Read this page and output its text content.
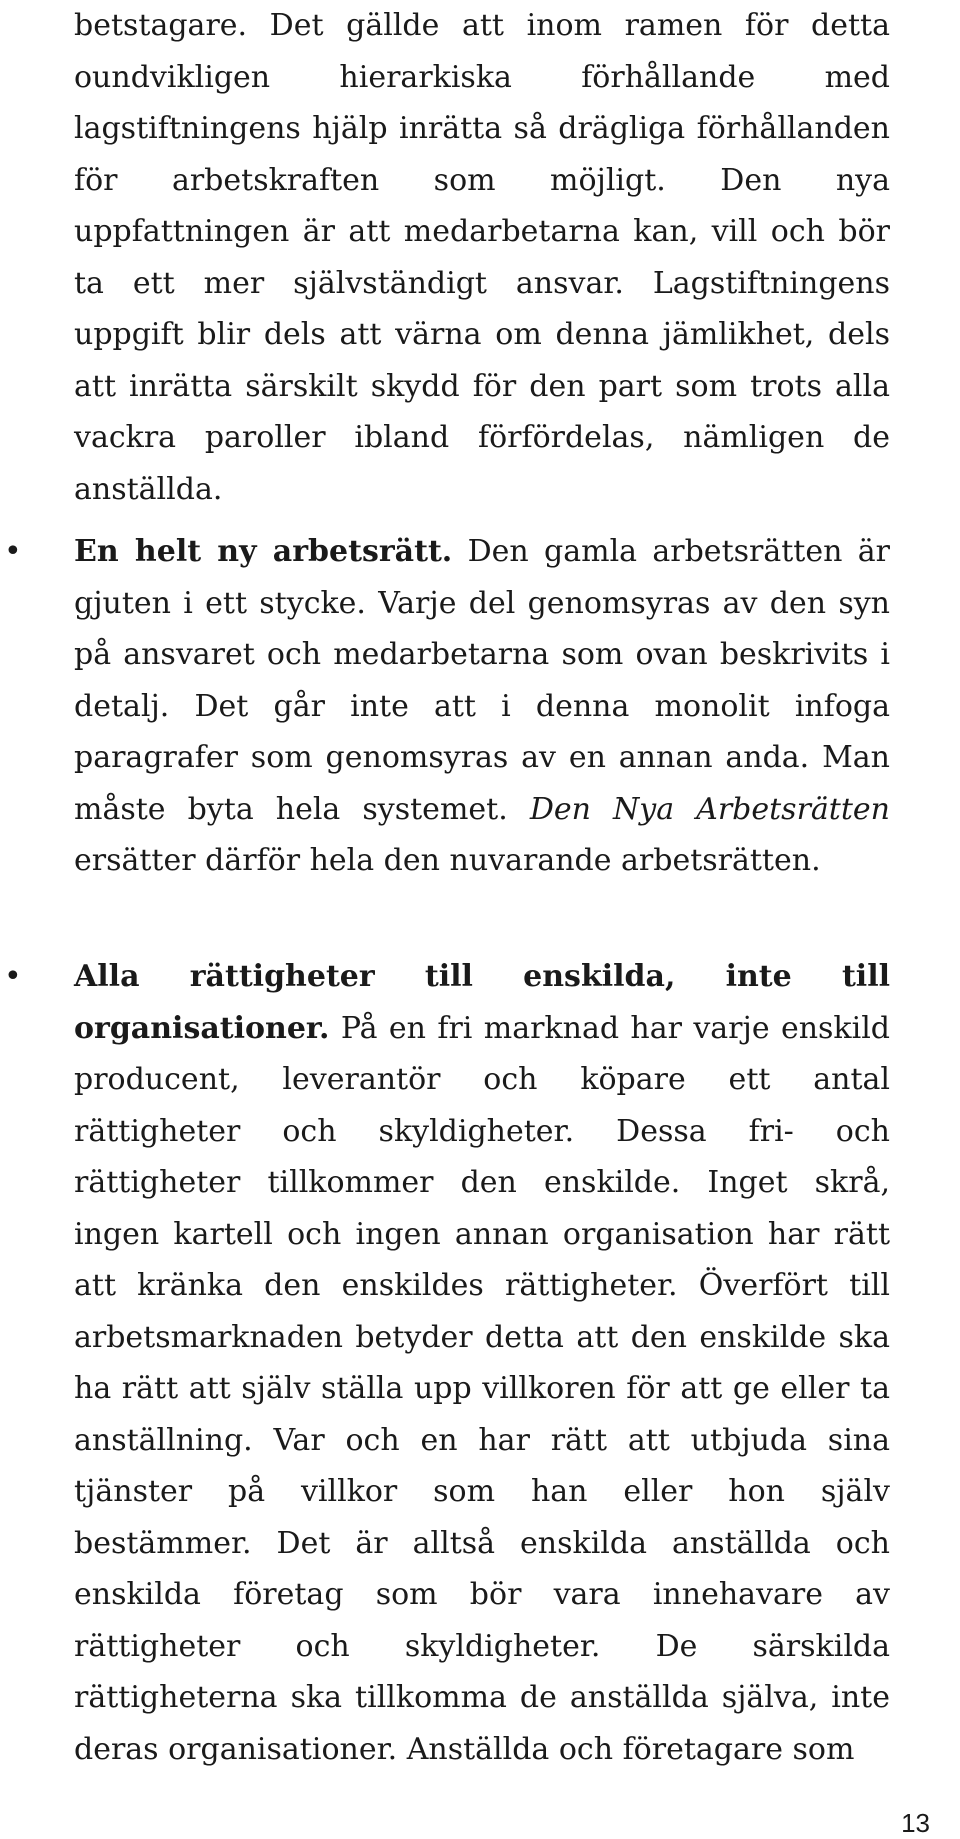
betstagare. Det gällde att inom ramen för detta oundvikligen hierarkiska förhållande med lagstiftningens hjälp inrätta så drägliga förhållanden för arbetskraften som möjligt. Den nya uppfattningen är att medarbetarna kan, vill och bör ta ett mer självständigt ansvar. Lagstiftningens uppgift blir dels att värna om denna jämlikhet, dels att inrätta särskilt skydd för den part som trots alla vackra paroller ibland förfördelas, nämligen de anställda.

• En helt ny arbetsrätt. Den gamla arbetsrätten är gjuten i ett stycke. Varje del genomsyras av den syn på ansvaret och medarbetarna som ovan beskrivits i detalj. Det går inte att i denna monolit infoga paragrafer som genomsyras av en annan anda. Man måste byta hela systemet. Den Nya Arbetsrätten ersätter därför hela den nuvarande arbetsrätten.

• Alla rättigheter till enskilda, inte till organisationer. På en fri marknad har varje enskild producent, leverantör och köpare ett antal rättigheter och skyldigheter. Dessa fri- och rättigheter tillkommer den enskilde. Inget skrå, ingen kartell och ingen annan organisation har rätt att kränka den enskildes rättigheter. Överfört till arbetsmarknaden betyder detta att den enskilde ska ha rätt att själv ställa upp villkoren för att ge eller ta anställning. Var och en har rätt att utbjuda sina tjänster på villkor som han eller hon själv bestämmer. Det är alltså enskilda anställda och enskilda företag som bör vara innehavare av rättigheter och skyldigheter. De särskilda rättigheterna ska tillkomma de anställda själva, inte deras organisationer. Anställda och företagare som

13
